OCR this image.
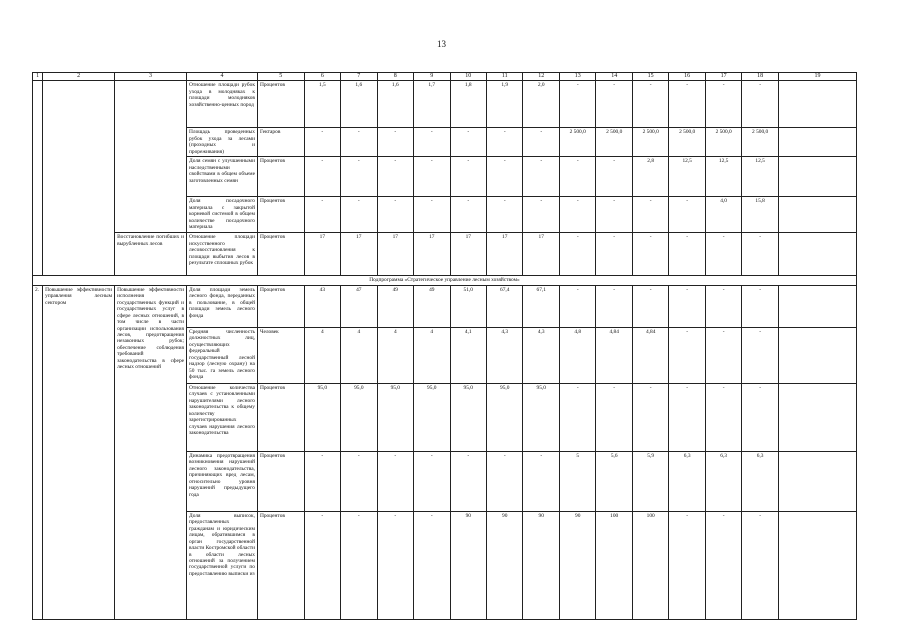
13
1	2	3	4	5	6	7	8	9	10	11	12	13	14	15	16	17	18	19
			Отношение площади рубок ухода в молодняках к площади молодняков хозяйственно-ценных пород	Процентов	1,5	1,6	1,6	1,7	1,8	1,9	2,0	-	-	-	-	-	-	
			Площадь проведенных рубок ухода за лесами (проходных и прореживания)	Гектаров	-	-	-	-	-	-	-	2 500,0	2 500,0	2 500,0	2 500,0	2 500,0	2 500,0	
			Доля семян с улучшенными наследственными свойствами в общем объеме заготовленных семян	Процентов	-	-	-	-	-	-	-	-	-	2,8	12,5	12,5	12,5	
			Доля посадочного материала с закрытой корневой системой в общем количестве посадочного материала	Процентов	-	-	-	-	-	-	-	-	-	-	-	4,0	15,8	
		Восстановление погибших и вырубленных лесов	Отношение площади искусственного лесовосстановления к площади выбытия лесов в результате сплошных рубок	Процентов	17	17	17	17	17	17	17	-	-	-	-	-	-	
Подпрограмма «Стратегическое управление лесным хозяйством»																		
2.	Повышение эффективности управления лесным сектором	Повышение эффективности исполнения государственных функций и государственных услуг в сфере лесных отношений, в том числе в части организации использования лесов, предотвращения незаконных рубок; обеспечение соблюдения требований законодательства в сфере лесных отношений	Доля площади земель лесного фонда, переданных в пользование, в общей площади земель лесного фонда	Процентов	43	47	49	49	51,0	67,4	67,1	-	-	-	-	-	-	
			Средняя численность должностных лиц, осуществляющих федеральный государственный лесной надзор (лесную охрану) на 50 тыс. га земель лесного фонда	Человек	4	4	4	4	4,1	4,3	4,3	4,8	4,84	4,84	-	-	-	
			Отношение количества случаев с установленными нарушителями лесного законодательства к общему количеству зарегистрированных случаев нарушения лесного законодательства	Процентов	95,0	95,0	95,0	95,0	95,0	95,0	95,0	-	-	-	-	-	-	
			Динамика предотвращения возникновения нарушений лесного законодательства, причиняющих вред лесам, относительно уровня нарушений предыдущего года	Процентов	-	-	-	-	-	-	-	5	5,6	5,9	6,3	6,3	6,3	
			Доля выписок, предоставленных гражданам и юридическим лицам, обратившимся в орган государственной власти Костромской области в области лесных отношений за получением государственной услуги по предоставлению выписки из	Процентов	-	-	-	-	90	90	90	90	100	100	-	-	-	
